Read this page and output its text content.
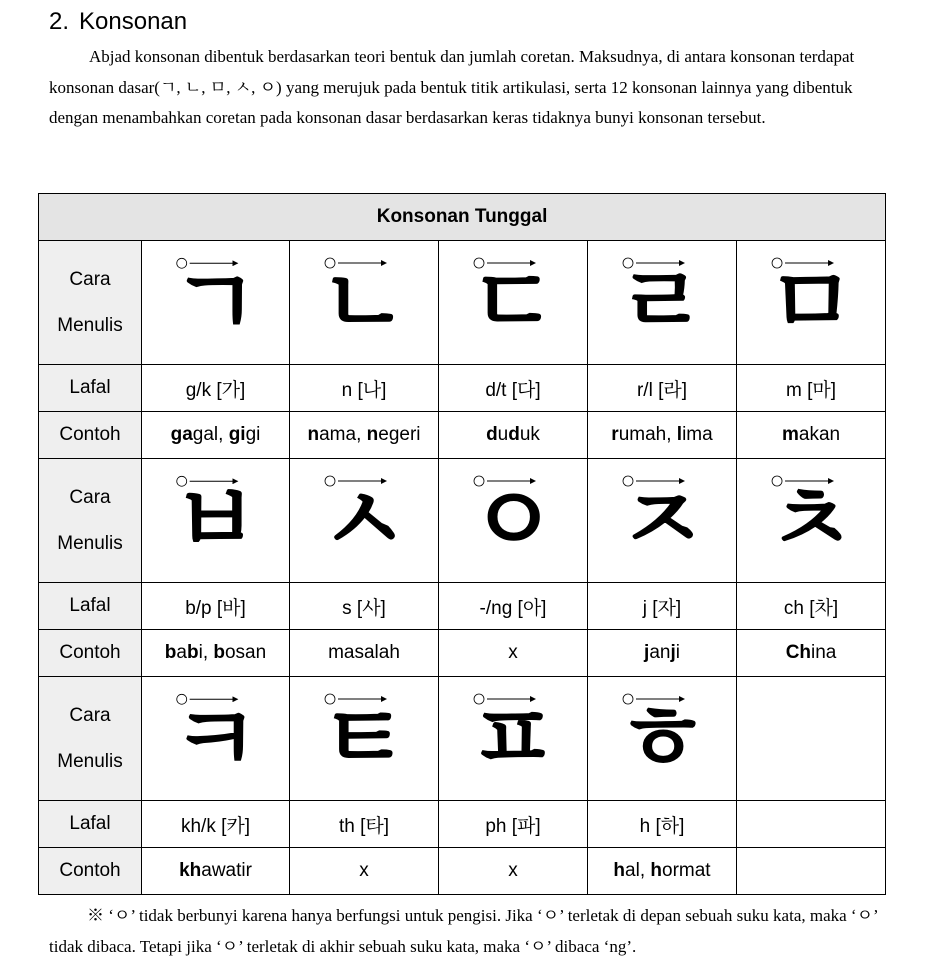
2. Konsonan
Abjad konsonan dibentuk berdasarkan teori bentuk dan jumlah coretan. Maksudnya, di antara konsonan terdapat konsonan dasar(ㄱ, ㄴ, ㅁ, ㅅ, ㅇ) yang merujuk pada bentuk titik artikulasi, serta 12 konsonan lainnya yang dibentuk dengan menambahkan coretan pada konsonan dasar berdasarkan keras tidaknya bunyi konsonan tersebut.
Konsonan Tunggal					

Cara
Menulis	ㄱ	ㄴ	ㄷ	ㄹ	ㅁ

Lafal	g/k [가]	n [나]	d/t [다]	r/l [라]	m [마]
Contoh	gagal, gigi	nama, negeri	duduk	rumah, lima	makan

Cara
Menulis	ㅂ	ㅅ	ㅇ	ㅈ	ㅊ

Lafal	b/p [바]	s [사]	-/ng [아]	j [자]	ch [차]
Contoh	babi, bosan	masalah	x	janji	China

Cara
Menulis	ㅋ	ㅌ	ㅍ	ㅎ	

Lafal	kh/k [카]	th [타]	ph [파]	h [하]	
Contoh	khawatir	x	x	hal, hormat	
※ ‘ㅇ’ tidak berbunyi karena hanya berfungsi untuk pengisi. Jika ‘ㅇ’ terletak di depan sebuah suku kata, maka ‘ㅇ’ tidak dibaca. Tetapi jika ‘ㅇ’ terletak di akhir sebuah suku kata, maka ‘ㅇ’ dibaca ‘ng’.
